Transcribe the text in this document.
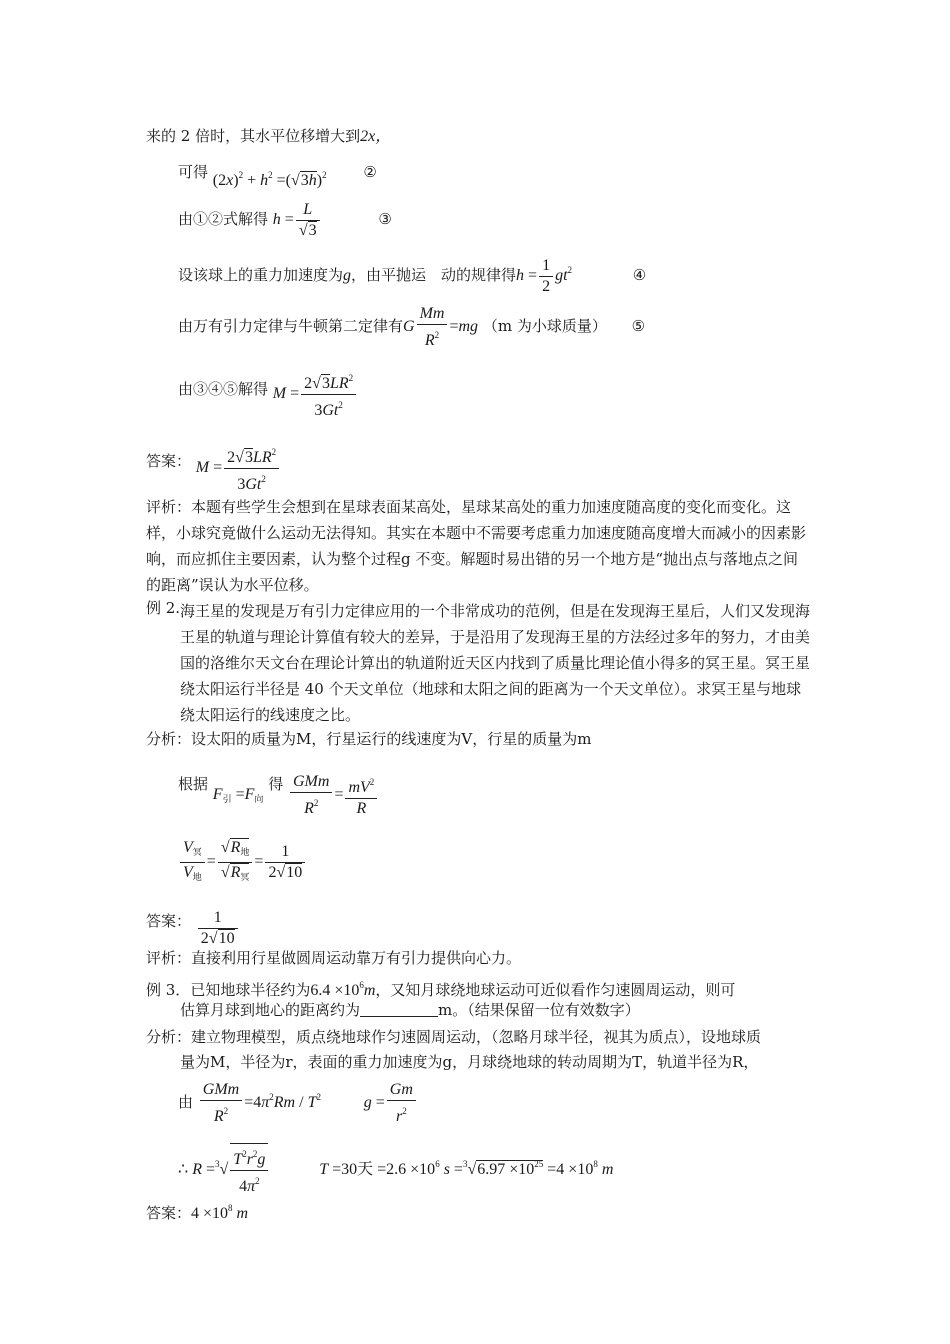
来的 2 倍时，其水平位移增大到2x，
可得 $(2x)^2 + h^2 =(√3h)^2$ ②
由①②式解得 $h = \frac{L}{√3}$	③
设该球上的重力加速度为g，由平抛运　动的规律得$h = \frac{1}{2} gt^2$	④
由万有引力定律与牛顿第二定律有G $\frac{Mm}{R^2} =mg$ （m 为小球质量） ⑤
由③④⑤解得 $M = \frac{2√3LR^2}{3Gt^2}$
答案： $M = \frac{2√3LR^2}{3Gt^2}$
评析：本题有些学生会想到在星球表面某高处，星球某高处的重力加速度随高度的变化而变化。这样，小球究竟做什么运动无法得知。其实在本题中不需要考虑重力加速度随高度增大而减小的因素影响，而应抓住主要因素，认为整个过程g 不变。解题时易出错的另一个地方是“抛出点与落地点之间的距离”误认为水平位移。
例 2. 海王星的发现是万有引力定律应用的一个非常成功的范例，但是在发现海王星后，人们又发现海王星的轨道与理论计算值有较大的差异，于是沿用了发现海王星的方法经过多年的努力，才由美国的洛维尔天文台在理论计算出的轨道附近天区内找到了质量比理论值小得多的冥王星。冥王星绕太阳运行半径是 40 个天文单位（地球和太阳之间的距离为一个天文单位）。求冥王星与地球绕太阳运行的线速度之比。
分析：设太阳的质量为M，行星运行的线速度为V，行星的质量为m
根据 $F_引 =F_向$ 得 $\frac{\text{GMm}}{R^2} = \frac{mV^2}{R}$
$\frac{V_冥}{V_地} = \frac{√R_地}{√R_冥} = \frac{1}{2√10}$
答案： $\frac{1}{2√10}$
评析：直接利用行星做圆周运动靠万有引力提供向心力。
例 3．已知地球半径约为$6.4 \times 10^6m$，又知月球绕地球运动可近似看作匀速圆周运动，则可
估算月球到地心的距离约为	m。（结果保留一位有效数字）
分析：建立物理模型，质点绕地球作匀速圆周运动，（忽略月球半径，视其为质点），设地球质
量为M，半径为r，表面的重力加速度为g，月球绕地球的转动周期为T，轨道半径为R，
由 $\frac{\text{GMm}}{R^2} =4\pi^2Rm / T^2$	$g = \frac{Gm}{r^2}$
∴ $R =^3√ \frac{T^2r^2g}{4\pi^2}$	T =30天 $=2.6 \times 10^6$ $s =^3√6.97 \times 10^{25} =4 \times 10^8$ m
答案：$4 \times 10^8$ m
